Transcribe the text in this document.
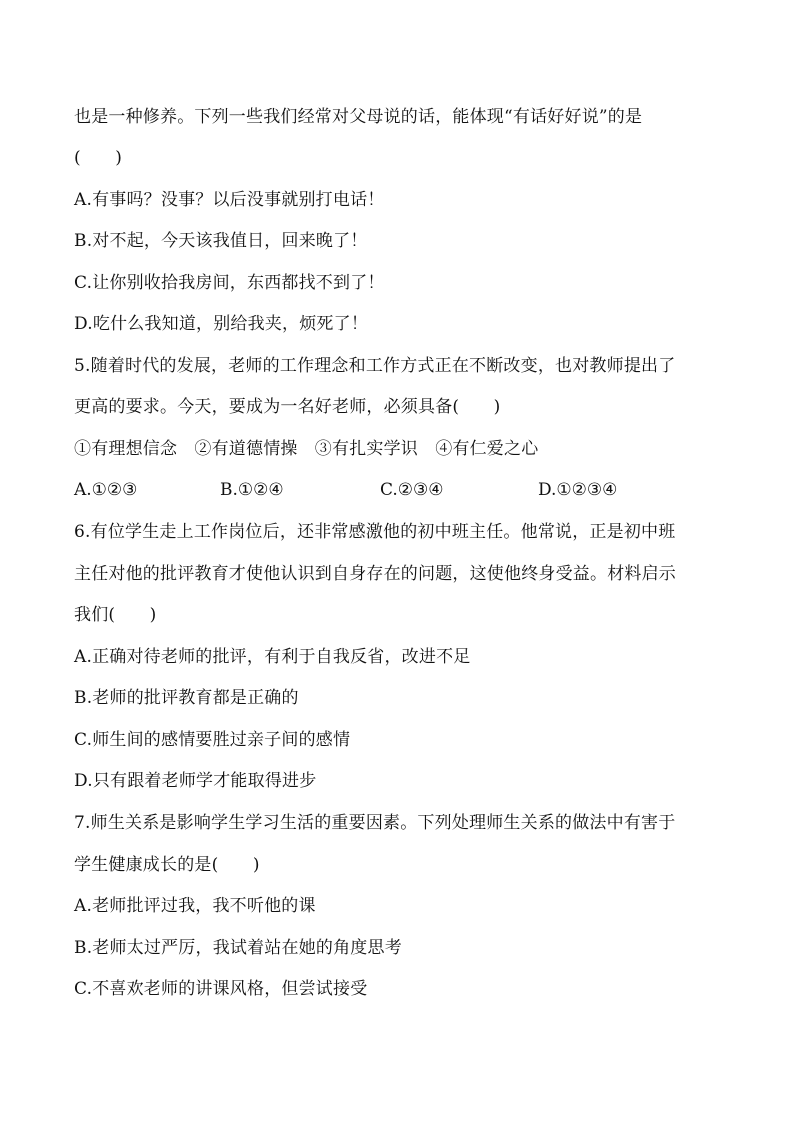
也是一种修养。下列一些我们经常对父母说的话，能体现“有话好好说”的是
(　　)
A.有事吗？没事？以后没事就别打电话！
B.对不起，今天该我值日，回来晚了！
C.让你别收拾我房间，东西都找不到了！
D.吃什么我知道，别给我夹，烦死了！
5.随着时代的发展，老师的工作理念和工作方式正在不断改变，也对教师提出了
更高的要求。今天，要成为一名好老师，必须具备(　　)
①有理想信念　②有道德情操　③有扎实学识　④有仁爱之心
A.①②③	B.①②④	C.②③④	D.①②③④
6.有位学生走上工作岗位后，还非常感激他的初中班主任。他常说，正是初中班
主任对他的批评教育才使他认识到自身存在的问题，这使他终身受益。材料启示
我们(　　)
A.正确对待老师的批评，有利于自我反省，改进不足
B.老师的批评教育都是正确的
C.师生间的感情要胜过亲子间的感情
D.只有跟着老师学才能取得进步
7.师生关系是影响学生学习生活的重要因素。下列处理师生关系的做法中有害于
学生健康成长的是(　　)
A.老师批评过我，我不听他的课
B.老师太过严厉，我试着站在她的角度思考
C.不喜欢老师的讲课风格，但尝试接受
